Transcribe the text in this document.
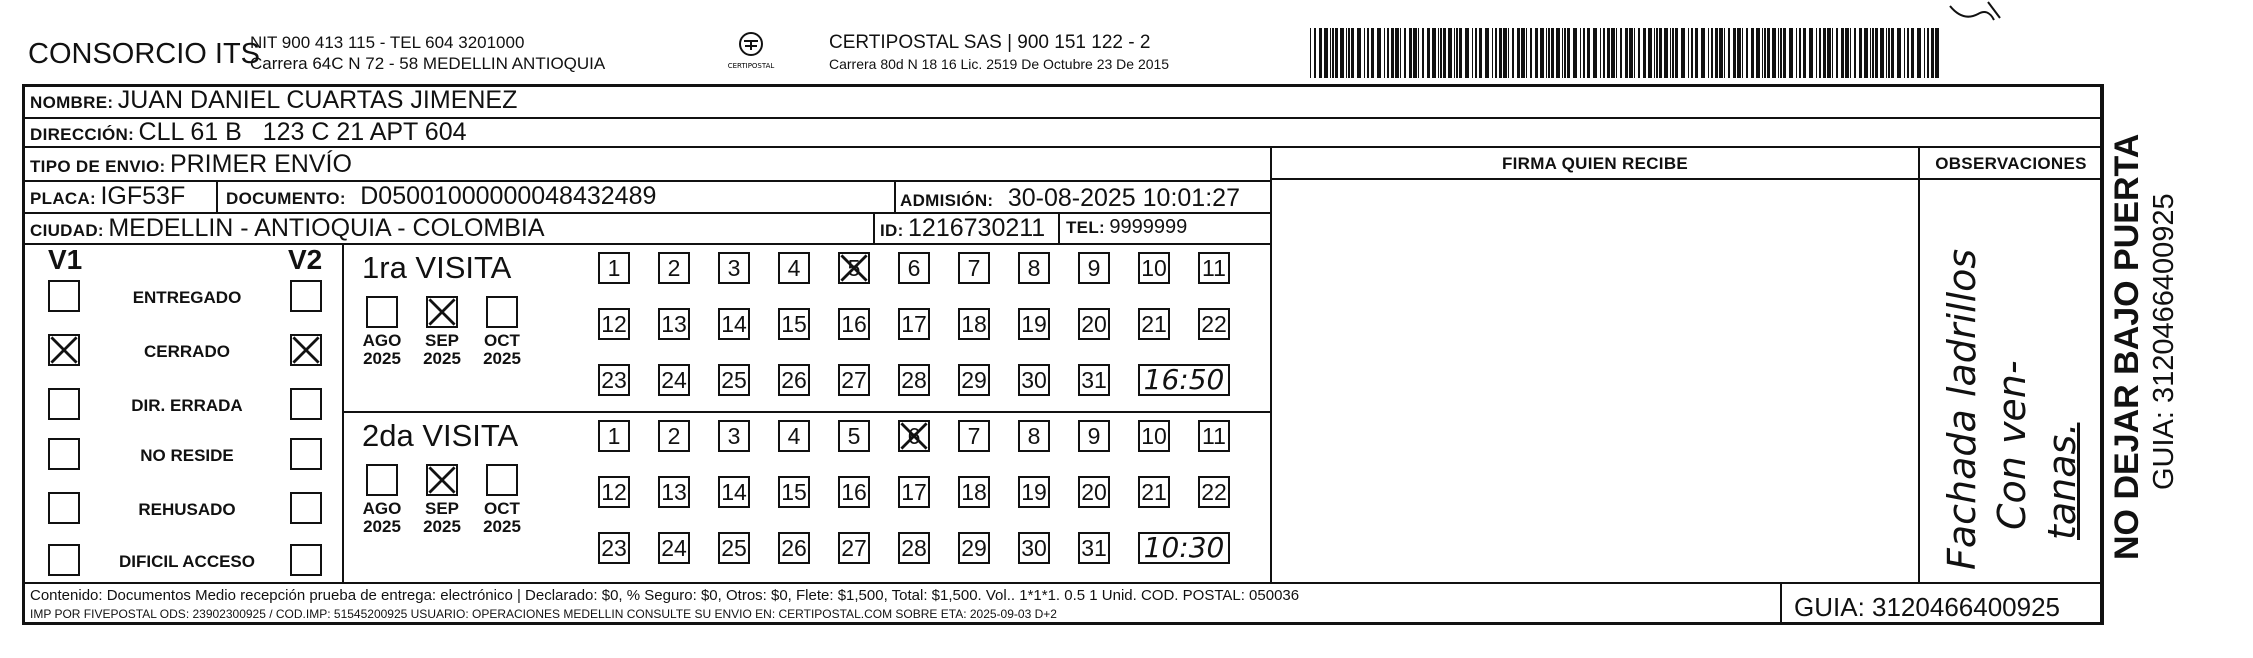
CONSORCIO ITS
NIT 900 413 115 - TEL 604 3201000
Carrera 64C N 72 - 58 MEDELLIN ANTIOQUIA	CERTIPOSTAL
CERTIPOSTAL SAS | 900 151 122 - 2
Carrera 80d N 18 16 Lic. 2519 De Octubre 23 De 2015
NOMBRE: JUAN DANIEL CUARTAS JIMENEZ
DIRECCIÓN: CLL 61 B   123 C 21 APT 604
TIPO DE ENVIO: PRIMER ENVÍO
PLACA: IGF53F DOCUMENTO: D05001000000048432489	ADMISIÓN: 30-08-2025 10:01:27
CIUDAD: MEDELLIN - ANTIOQUIA - COLOMBIA	ID: 1216730211 TEL: 9999999
FIRMA QUIEN RECIBE	OBSERVACIONES
Fachada ladrillos Con ven- tanas.
V1	V2
ENTREGADO
CERRADO
DIR. ERRADA
NO RESIDE
REHUSADO
DIFICIL ACCESO
1ra VISITA
AGO
2025
SEP
2025
OCT
2025
1 2 3 4 5 6 7 8 9 10 11
12 13 14 15 16 17 18 19 20 21 22
23 24 25 26 27 28 29 30 31 16:50
2da VISITA
AGO
2025
SEP
2025
OCT
2025
1 2 3 4 5 6 7 8 9 10 11
12 13 14 15 16 17 18 19 20 21 22
23 24 25 26 27 28 29 30 31 10:30
Contenido: Documentos Medio recepción prueba de entrega: electrónico | Declarado: $0, % Seguro: $0, Otros: $0, Flete: $1,500, Total: $1,500. Vol.. 1*1*1. 0.5 1 Unid. COD. POSTAL: 050036
IMP POR FIVEPOSTAL ODS: 23902300925 / COD.IMP: 51545200925 USUARIO: OPERACIONES MEDELLIN CONSULTE SU ENVIO EN: CERTIPOSTAL.COM SOBRE ETA: 2025-09-03 D+2	GUIA: 3120466400925
NO DEJAR BAJO PUERTA GUIA: 3120466400925
